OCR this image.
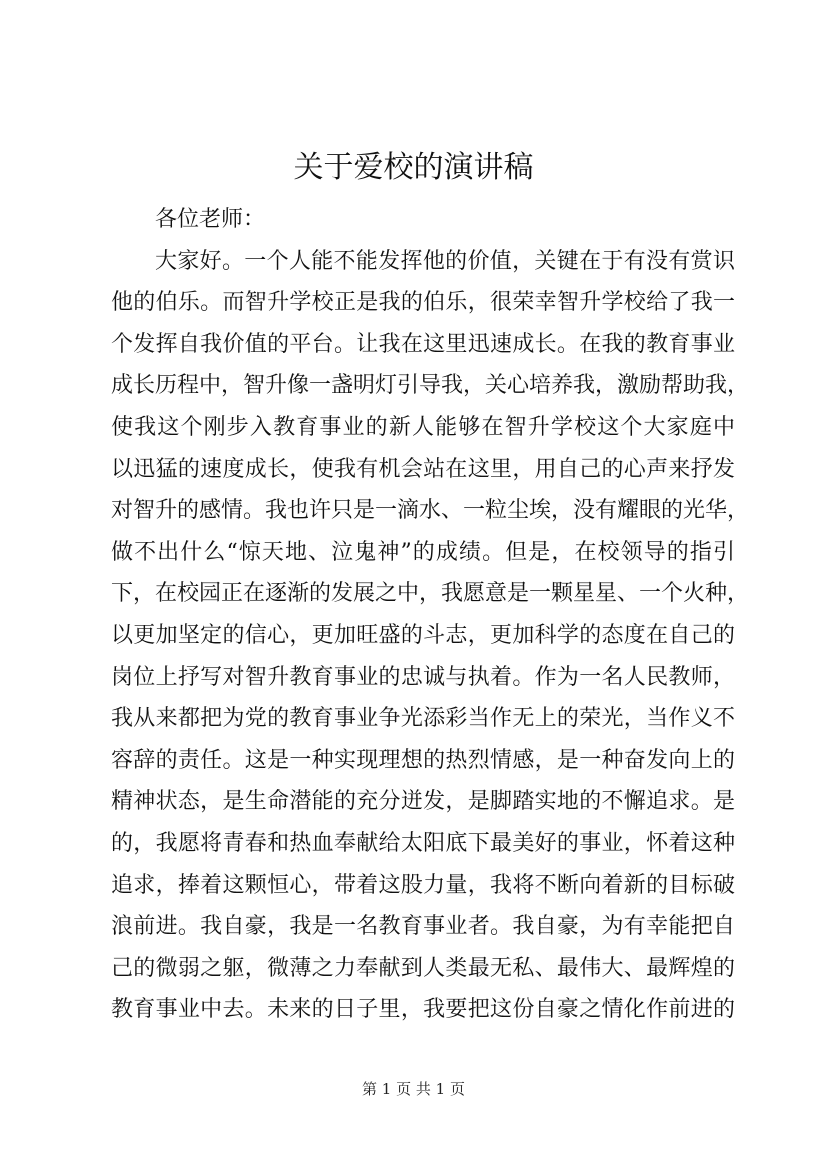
关于爱校的演讲稿
各位老师：
大家好。一个人能不能发挥他的价值，关键在于有没有赏识
他的伯乐。而智升学校正是我的伯乐，很荣幸智升学校给了我一
个发挥自我价值的平台。让我在这里迅速成长。在我的教育事业
成长历程中，智升像一盏明灯引导我，关心培养我，激励帮助我，
使我这个刚步入教育事业的新人能够在智升学校这个大家庭中
以迅猛的速度成长，使我有机会站在这里，用自己的心声来抒发
对智升的感情。我也许只是一滴水、一粒尘埃，没有耀眼的光华，
做不出什么“惊天地、泣鬼神”的成绩。但是，在校领导的指引
下，在校园正在逐渐的发展之中，我愿意是一颗星星、一个火种，
以更加坚定的信心，更加旺盛的斗志，更加科学的态度在自己的
岗位上抒写对智升教育事业的忠诚与执着。作为一名人民教师，
我从来都把为党的教育事业争光添彩当作无上的荣光，当作义不
容辞的责任。这是一种实现理想的热烈情感，是一种奋发向上的
精神状态，是生命潜能的充分迸发，是脚踏实地的不懈追求。是
的，我愿将青春和热血奉献给太阳底下最美好的事业，怀着这种
追求，捧着这颗恒心，带着这股力量，我将不断向着新的目标破
浪前进。我自豪，我是一名教育事业者。我自豪，为有幸能把自
己的微弱之躯，微薄之力奉献到人类最无私、最伟大、最辉煌的
教育事业中去。未来的日子里，我要把这份自豪之情化作前进的
第 1 页 共 1 页
